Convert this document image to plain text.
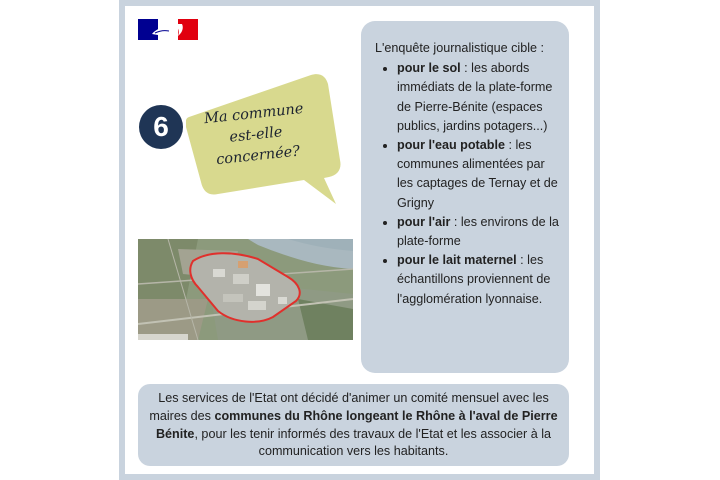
6	Ma commune
est-elle
concernée?

L'enquête journalistique cible :

• pour le sol : les abords immédiats de la plate-forme de Pierre-Bénite (espaces publics, jardins potagers...)
• pour l'eau potable : les communes alimentées par les captages de Ternay et de Grigny
• pour l'air : les environs de la plate-forme
• pour le lait maternel : les échantillons proviennent de l'agglomération lyonnaise.
Les services de l'Etat ont décidé d'animer un comité mensuel avec les maires des communes du Rhône longeant le Rhône à l'aval de Pierre Bénite, pour les tenir informés des travaux de l'Etat et les associer à la communication vers les habitants.
